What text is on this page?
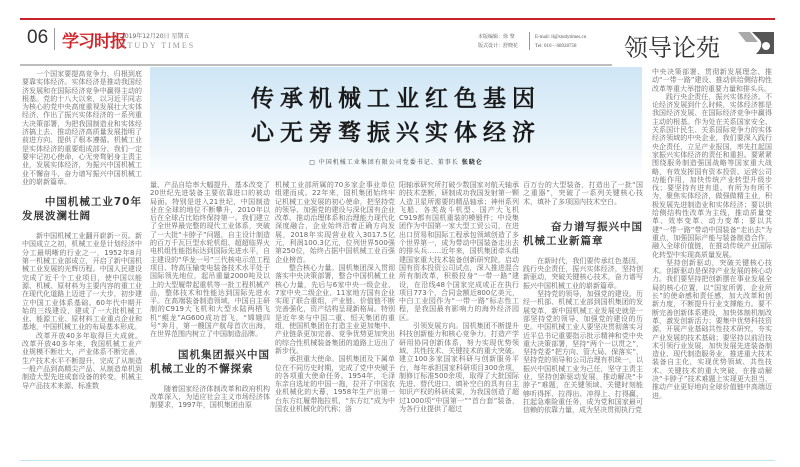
06 学习时报
2019年12月20日 星期五
STUDY TIMES
本版编辑：徐 黎
版式设计：舒晓花
E-mail: ll@studytimes.cn
Tel: 010－68928758	领导论苑
传承机械工业红色基因
心无旁骛振兴实体经济
□ 中国机械工业集团有限公司党委书记、董事长 张晓仑

一个国家要提高竞争力，归根到底要靠实体经济。实体经济是推动我国经济发展和在国际经济竞争中赢得主动的根基。党的十八大以来，以习近平同志为核心的党中央高度重视发展壮大实体经济，作出了振兴实体经济的一系列重大决策部署，为把我国制造业和实体经济搞上去、推动经济高质量发展指明了前进方向、提供了根本遵循。机械工业是实体经济的重要组成部分，我们一定要牢记初心使命，心无旁骛躬身主责主业，发展实体经济，为振兴中国机械工业不懈奋斗，奋力谱写振兴中国机械工业的崭新篇章。

中国机械工业70年
发展波澜壮阔

新中国机械工业翻开崭新一页。新中国成立之初，机械工业是计划经济中分工最明晰的行业之一，1952年8月第一机械工业部成立，开启了新中国机械工业发展的光辉历程。中国人民建设完成了近千个工业项目，使中国以能源、机械、原材料为主要内容的重工业在现代化道路上迈进了一大步，初步建立中国工业体系基础。60年代中期开始的三线建设，建成了一大批机械工业、能源工业、原材料工业重点企业和基地，中国机械工业的布局基本形成。

改革开放40多年取得巨大成就。改革开放40多年来，我国机械工业产业规模不断壮大，产业体系不断完善，生产技术水平不断提升，完成了从制造一般产品到高精尖产品、从制造单机到制造大型先进成套设备的转变，机械主导产品技术来源、标准数

量、产品自给率大幅提升，基本改变了20世纪先进装备主要依靠进口的被动局面。特别是进入21世纪，中国制造业在全球的地位不断攀升，2010年以后在全球占比始终保持第一。我们建立了全世界最完整的现代工业体系，突破了一大批“卡脖子”问题，自主设计制造的百万千瓦巨型水轮机组、超超临界火电机组性能指标达到国际先进水平，自主建设的“华龙一号”三代核电示范工程项目、特高压输变电装备技术水平处于国际领先地位，起吊重量2000吨及以上的大型履带起重机等一批工程机械产品，整体技术和性能达到国际先进水平。在高端装备制造领域，中国自主研制的C919大飞机和大型水陆两栖飞机“鲲龙”AG600成功首飞，“嫦娥四号”奔月，第一艘国产航母首次出海，在世界范围内树立了中国制造品牌。

国机集团振兴中国
机械工业的不懈探索

随着国家经济体制改革和政府机构改革深入，为适应社会主义市场经济体制要求，1997年，国机集团由原

机械工业部所属的70多家企事业单位组建而成。22年来，国机集团始终牢记机械工业发展的初心使命，把坚持党的领导、加强党的建设与深化国有企业改革、推动治理体系和治理能力现代化深度融合，企业始终沿着正确方向发展，2018年实现营业收入3017.5亿元，利润100.3亿元，位列世界500强第250位，始终占据中国机械工业百强企业榜首。

整合核心力量。国机集团深入贯彻落实中央决策部署，整合中国机械工业核心力量，先后与6家中央一级企业、7家中央二级企业、11家地方国有企业实现了联合重组，产业链、价值链不断完善强化，资产结构呈现新格局。特别是近年来与中国二重、恒天集团的重组，使国机集团在打造主业更加集中、产业链条更加完善、竞争优势更加突出的综合性机械装备集团的道路上迈出了新步伐。

承担重大使命。国机集团及下属单位在不同历史时期，完成了党中央赋予的各项重大使命任务。1954年，毛泽东亲自选址的中国一拖，拉开了中国农业机械化的大幕，1958年生产出第一台东方红履带拖拉机，“东方红”成为中国农业机械化的代称；洛

阳轴承研究所打破少数国家对航天轴承的技术垄断，研制成功我国发射第一颗人造卫星所需要的精品轴承；神州系列飞船、各类战斗机型、国产大飞机C919都有国机重装的模锻件；中设集团作为中国第一家大型工贸公司，在进出口贸易和国际工程承包领域创造了多个世界第一，成为带动中国装备走出去的排头兵……近年来，国机集团牵头组建国家重大技术装备创新研究院，启动国有资本投资公司试点，深入推进混合所有制改革，积极投身“一带一路”建设，在沿线48个国家完成或正在执行项目773个，合同金额近800亿美元，中白工业园作为“一带一路”标志性工程，是我国最有影响力的海外经济园区。

引领发展方向。国机集团不断提升科技创新能力和核心竞争力，打造产学研用协同创新体系，努力实现优势领域、共性技术、关键技术的重大突破。建立100多家国家科研与创新服务平台，每年承担国家科研项目300余项，制修订标准500余项，取得了大批国际先进、替代进口、填补空白的具有自主知识产权的科研成果，为我国创造了超过1000项“中国第一”“首台套”装备，为各行业提供了超过

百万台的大型装备，打造出了一批“国之重器”，突破了一系列关键核心技术，填补了多项国内技术空白。

奋力谱写振兴中国
机械工业新篇章

在新时代，我们要传承红色基因，践行央企责任，振兴实体经济，坚持创新驱动，突破关键核心技术，奋力谱写振兴中国机械工业的崭新篇章。

坚持党的领导，加强党的建设。历经一机部、机械工业部到国机集团的发展变革，新中国机械工业发展史就是一部坚持党的领导、加强党的建设的历史。中国机械工业人要坚决贯彻落实习近平总书记重要指示批示精神和党中央重大决策部署，坚持“两个一以贯之”，坚持党委“把方向、管大局、保落实”，坚持党的领导和公司治理有机统一，以振兴中国机械工业为己任，坚守主责主业，坚持创新驱动发展，推动解决“卡脖子”难题，在关键领域、关键时刻能够听得挥、拉得出、冲得上、打得赢，扛起急难险重任务，成为党和国家最可信赖的依靠力量，成为坚决贯彻执行党

中央决策部署、贯彻新发展理念、推动“一带一路”建设、推动供给侧结构性改革等重大举措的重要力量和排头兵。

践行央企责任，振兴实体经济。不论经济发展到什么时候，实体经济都是我国经济发展、在国际经济竞争中赢得主动的根基。作为处在关系国家安全、关系国计民生、关系国际竞争力的实体经济领域的中央企业，我们要深入践行央企责任，立足产业报国，率先扛起国家振兴实体经济的责任和重担。要紧紧围绕服务制造强国战略等国家重大战略，有效发挥国有资本投资、运营公司功能作用，加快传统产业转型升级步伐；要坚持有进有退、有所为有所不为，聚焦实体经济，做强做精主业，积极发展先进制造业和实体经济；要以供给侧结构性改革为主线，推动质量变革、效率变革、动力变革；要以共建“一带一路”带动中国装备“走出去”为重点，加强国际产能与装备制造合作，融入全球价值链，在推动传统产业国际化转型中实现高质量发展。

坚持创新驱动，突破关键核心技术。创新驱动是保持产业发展的核心动力。我们要坚持把创新摆在事业发展全局的核心位置，以“国家所需、企业所长”的使命感和责任感，加大改革和创新力度，不断提升行业支撑能力。要不断完善创新体系建设，加快体制机制改革，激发创新活力；要集中优势科技资源，开展产业基础共性技术研究，夯实产业发展的技术基础；要坚持以前沿技术引领行业发展，加快发展先进装备制造业、现代制造服务业，推进重大技术装备自主化，实现优势领域、共性技术、关键技术的重大突破，在推动解决“卡脖子”技术难题上实现更大担当，推动产业更好地向全球价值链中高端迈进。
